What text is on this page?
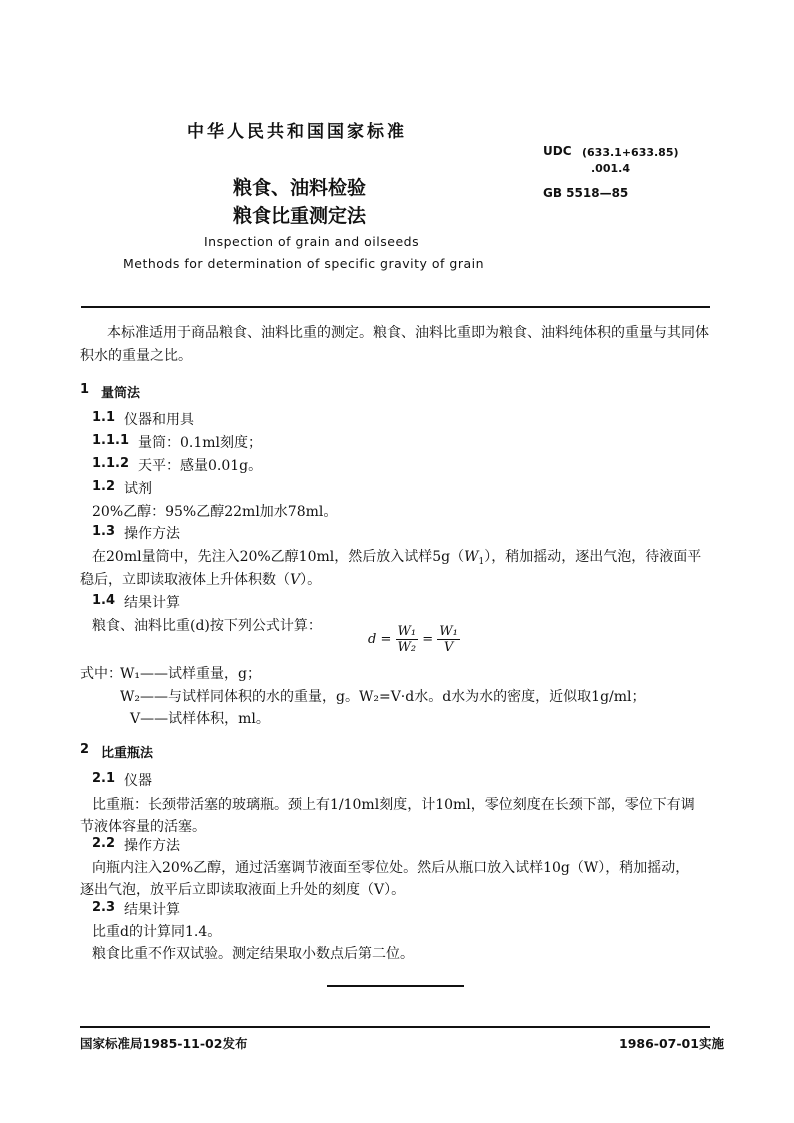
中华人民共和国国家标准
UDC (633.1+633.85)
.001.4
GB 5518—85
粮食、油料检验
粮食比重测定法
Inspection of grain and oilseeds
Methods for determination of specific gravity of grain
本标准适用于商品粮食、油料比重的测定。粮食、油料比重即为粮食、油料纯体积的重量与其同体
积水的重量之比。
1 量筒法
1.1 仪器和用具
1.1.1 量筒：0.1ml刻度；
1.1.2 天平：感量0.01g。
1.2 试剂
20%乙醇：95%乙醇22ml加水78ml。
1.3 操作方法
在20ml量筒中，先注入20%乙醇10ml，然后放入试样$5g(W_1)$，稍加摇动，逐出气泡，待液面平
稳后，立即读取液体上升体积数（V）。
1.4 结果计算
粮食、油料比重(d)按下列公式计算：
$d = \frac{\text{W₁}}{\text{W₂}} = \frac{\text{W₁}}{V}$
式中：
W₁——试样重量，g；
W₂——与试样同体积的水的重量，g。W₂=V·d水。d水为水的密度，近似取1g/ml；
V——试样体积，ml。
2 比重瓶法
2.1 仪器
比重瓶：长颈带活塞的玻璃瓶。颈上有1/10ml刻度，计10ml，零位刻度在长颈下部，零位下有调
节液体容量的活塞。
2.2 操作方法
向瓶内注入20%乙醇，通过活塞调节液面至零位处。然后从瓶口放入试样10g（W），稍加摇动，
逐出气泡，放平后立即读取液面上升处的刻度（V）。
2.3 结果计算
比重d的计算同1.4。
粮食比重不作双试验。测定结果取小数点后第二位。
国家标准局1985-11-02发布	1986-07-01实施
